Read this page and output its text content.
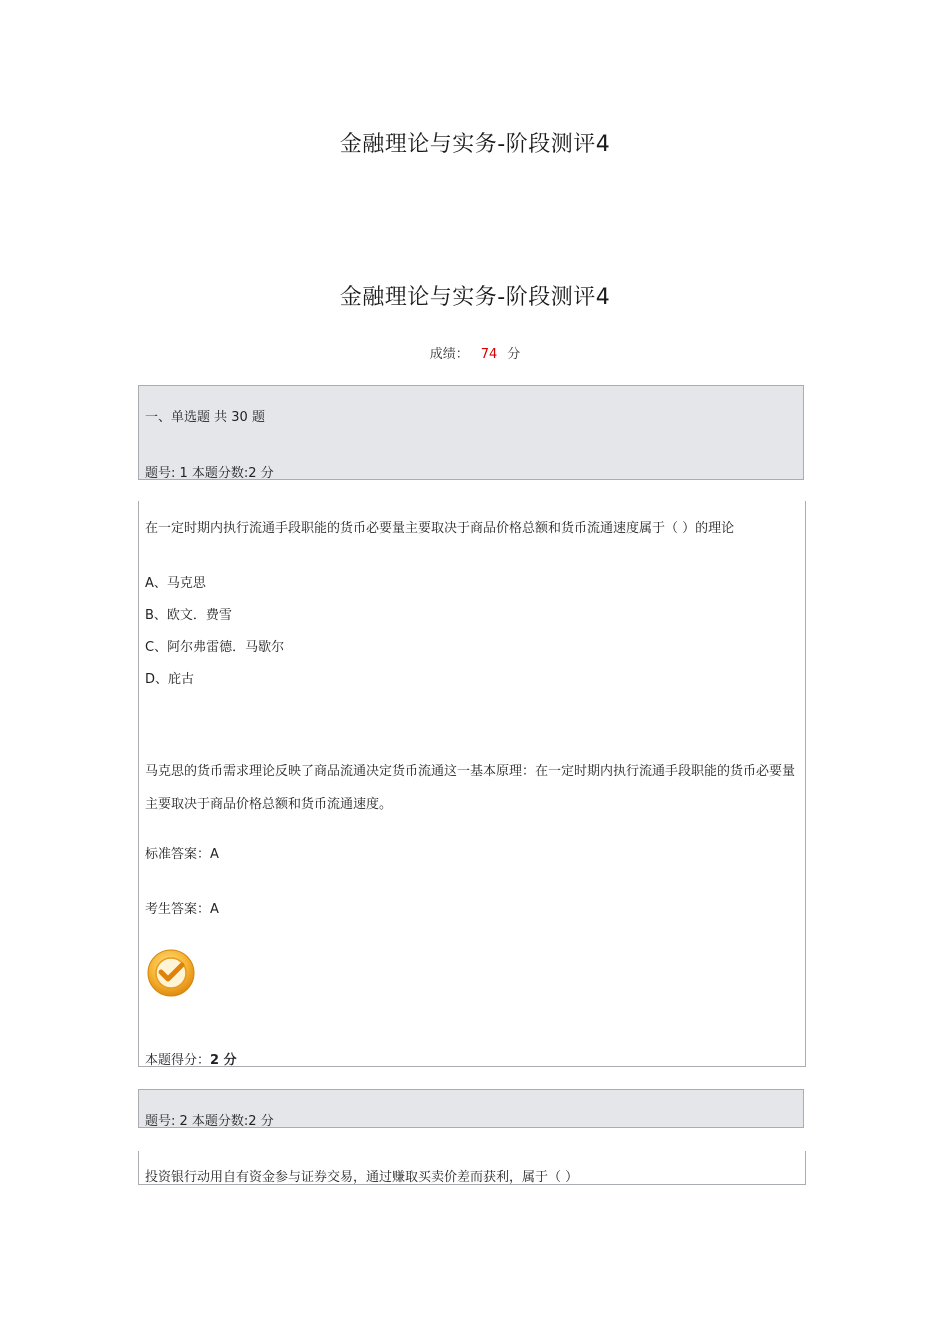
金融理论与实务-阶段测评4
金融理论与实务-阶段测评4
成绩： 74 分
一、单选题 共 30 题
题号: 1 本题分数:2 分
在一定时期内执行流通手段职能的货币必要量主要取决于商品价格总额和货币流通速度属于（ ）的理论
A、马克思
B、欧文．费雪
C、阿尔弗雷德．马歇尔
D、庇古
马克思的货币需求理论反映了商品流通决定货币流通这一基本原理：在一定时期内执行流通手段职能的货币必要量主要取决于商品价格总额和货币流通速度。
标准答案：A
考生答案：A
本题得分：2 分
题号: 2 本题分数:2 分
投资银行动用自有资金参与证券交易，通过赚取买卖价差而获利，属于（ ）
